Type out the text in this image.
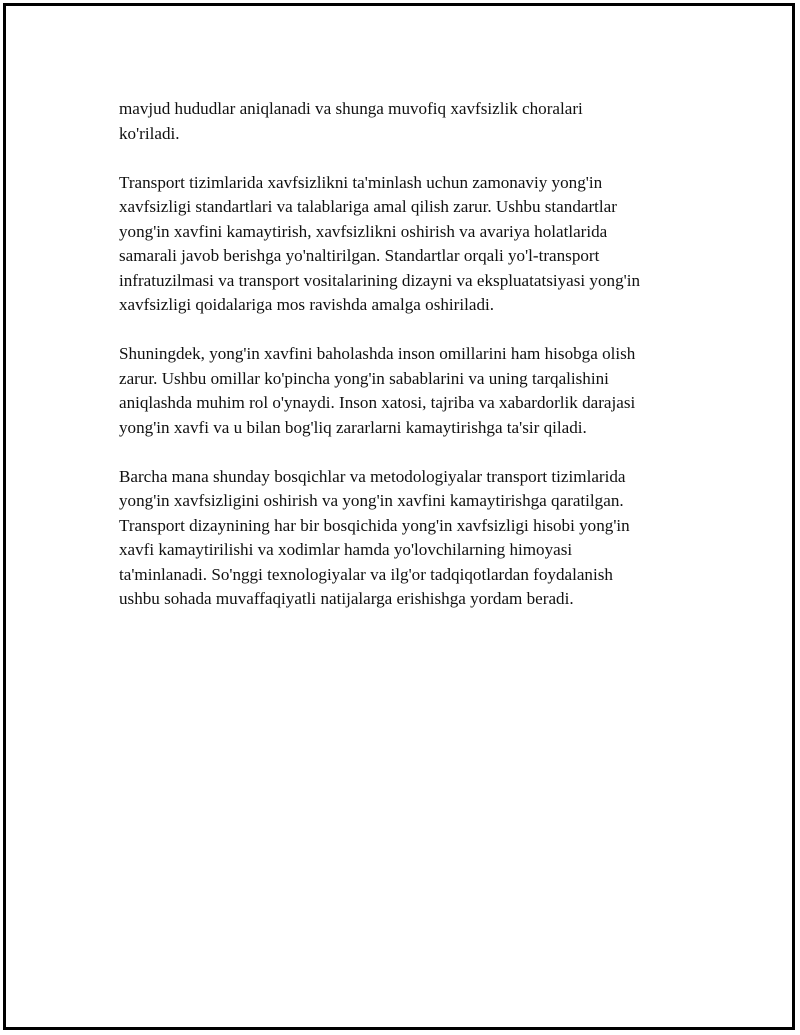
mavjud hududlar aniqlanadi va shunga muvofiq xavfsizlik choralari
ko'riladi.

Transport tizimlarida xavfsizlikni ta'minlash uchun zamonaviy yong'in
xavfsizligi standartlari va talablariga amal qilish zarur. Ushbu standartlar
yong'in xavfini kamaytirish, xavfsizlikni oshirish va avariya holatlarida
samarali javob berishga yo'naltirilgan. Standartlar orqali yo'l-transport
infratuzilmasi va transport vositalarining dizayni va ekspluatatsiyasi yong'in
xavfsizligi qoidalariga mos ravishda amalga oshiriladi.

Shuningdek, yong'in xavfini baholashda inson omillarini ham hisobga olish
zarur. Ushbu omillar ko'pincha yong'in sabablarini va uning tarqalishini
aniqlashda muhim rol o'ynaydi. Inson xatosi, tajriba va xabardorlik darajasi
yong'in xavfi va u bilan bog'liq zararlarni kamaytirishga ta'sir qiladi.

Barcha mana shunday bosqichlar va metodologiyalar transport tizimlarida
yong'in xavfsizligini oshirish va yong'in xavfini kamaytirishga qaratilgan.
Transport dizaynining har bir bosqichida yong'in xavfsizligi hisobi yong'in
xavfi kamaytirilishi va xodimlar hamda yo'lovchilarning himoyasi
ta'minlanadi. So'nggi texnologiyalar va ilg'or tadqiqotlardan foydalanish
ushbu sohada muvaffaqiyatli natijalarga erishishga yordam beradi.
